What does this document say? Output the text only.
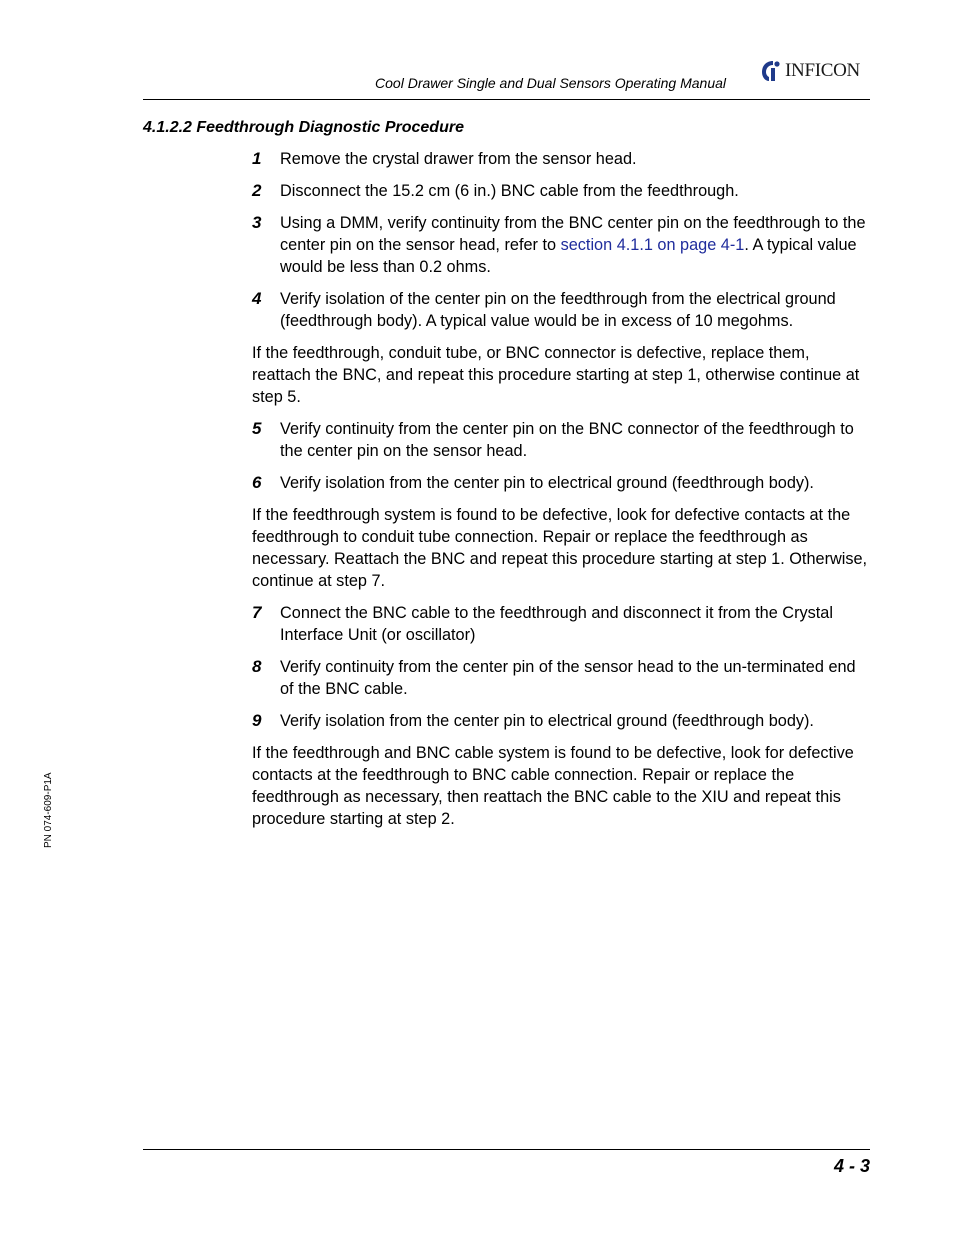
Cool Drawer Single and Dual Sensors Operating Manual
INFICON
4.1.2.2 Feedthrough Diagnostic Procedure
1 Remove the crystal drawer from the sensor head.
2 Disconnect the 15.2 cm (6 in.) BNC cable from the feedthrough.
3 Using a DMM, verify continuity from the BNC center pin on the feedthrough to the center pin on the sensor head, refer to section 4.1.1 on page 4-1. A typical value would be less than 0.2 ohms.
4 Verify isolation of the center pin on the feedthrough from the electrical ground (feedthrough body). A typical value would be in excess of 10 megohms.
If the feedthrough, conduit tube, or BNC connector is defective, replace them, reattach the BNC, and repeat this procedure starting at step 1, otherwise continue at step 5.
5 Verify continuity from the center pin on the BNC connector of the feedthrough to the center pin on the sensor head.
6 Verify isolation from the center pin to electrical ground (feedthrough body).
If the feedthrough system is found to be defective, look for defective contacts at the feedthrough to conduit tube connection. Repair or replace the feedthrough as necessary. Reattach the BNC and repeat this procedure starting at step 1. Otherwise, continue at step 7.
7 Connect the BNC cable to the feedthrough and disconnect it from the Crystal Interface Unit (or oscillator)
8 Verify continuity from the center pin of the sensor head to the un-terminated end of the BNC cable.
9 Verify isolation from the center pin to electrical ground (feedthrough body).
If the feedthrough and BNC cable system is found to be defective, look for defective contacts at the feedthrough to BNC cable connection. Repair or replace the feedthrough as necessary, then reattach the BNC cable to the XIU and repeat this procedure starting at step 2.
PN 074-609-P1A
4 - 3
